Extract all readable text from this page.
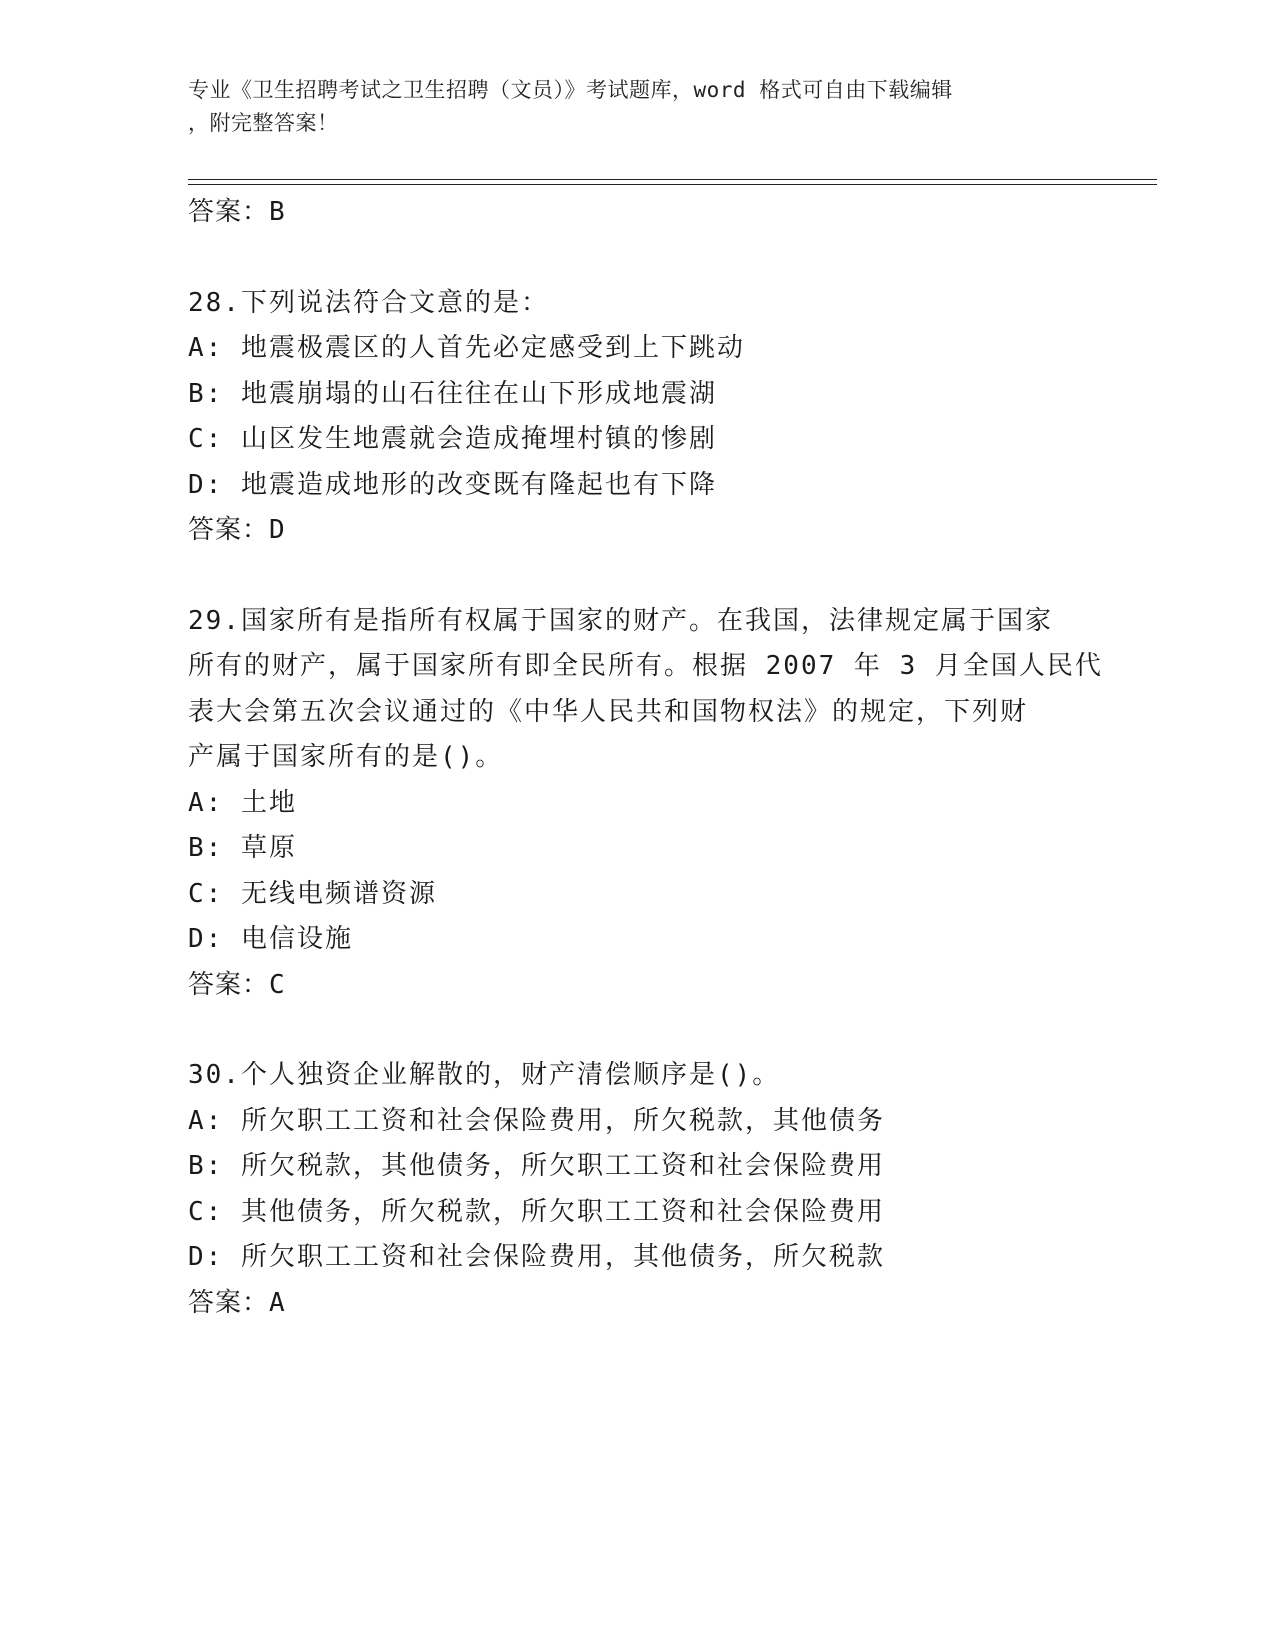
专业《卫生招聘考试之卫生招聘（文员）》考试题库，word 格式可自由下载编辑
，附完整答案！
答案：B
28.下列说法符合文意的是：
A: 地震极震区的人首先必定感受到上下跳动
B: 地震崩塌的山石往往在山下形成地震湖
C: 山区发生地震就会造成掩埋村镇的惨剧
D: 地震造成地形的改变既有隆起也有下降
答案：D
29.国家所有是指所有权属于国家的财产。在我国，法律规定属于国家
所有的财产，属于国家所有即全民所有。根据 2007 年 3 月全国人民代
表大会第五次会议通过的《中华人民共和国物权法》的规定，下列财
产属于国家所有的是()。
A: 土地
B: 草原
C: 无线电频谱资源
D: 电信设施
答案：C
30.个人独资企业解散的，财产清偿顺序是()。
A: 所欠职工工资和社会保险费用，所欠税款，其他债务
B: 所欠税款，其他债务，所欠职工工资和社会保险费用
C: 其他债务，所欠税款，所欠职工工资和社会保险费用
D: 所欠职工工资和社会保险费用，其他债务，所欠税款
答案：A
